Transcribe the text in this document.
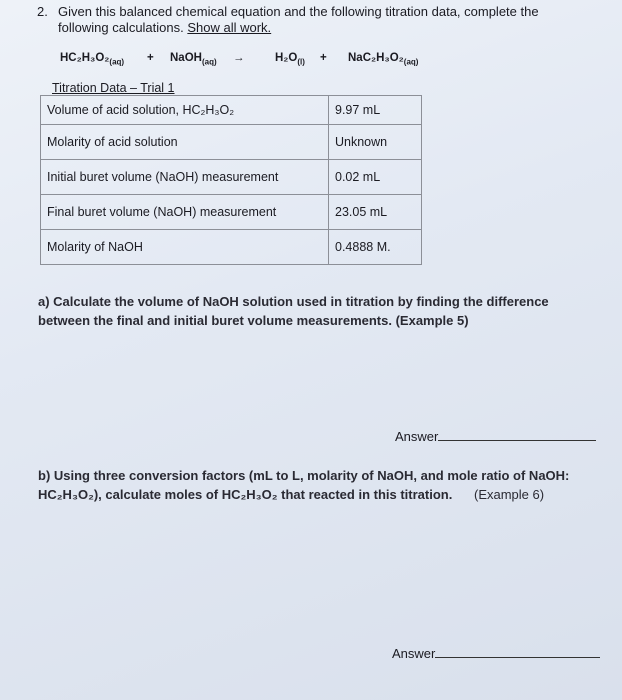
2. Given this balanced chemical equation and the following titration data, complete the following calculations. Show all work.
$HC_2H_3O_2_{(aq)}$ + NaOH$_{(aq)}$ →	$H_2O_{(l)} + NaC_2H_3O_2_{(aq)}$
Titration Data – Trial 1
Volume of acid solution, HC₂H₃O₂	9.97 mL
Molarity of acid solution	Unknown
Initial buret volume (NaOH) measurement	0.02 mL
Final buret volume (NaOH) measurement	23.05 mL
Molarity of NaOH	0.4888 M.
a) Calculate the volume of NaOH solution used in titration by finding the difference between the final and initial buret volume measurements. (Example 5)
Answer
b) Using three conversion factors (mL to L, molarity of NaOH, and mole ratio of NaOH: HC₂H₃O₂), calculate moles of HC₂H₃O₂ that reacted in this titration. (Example 6)
Answer
